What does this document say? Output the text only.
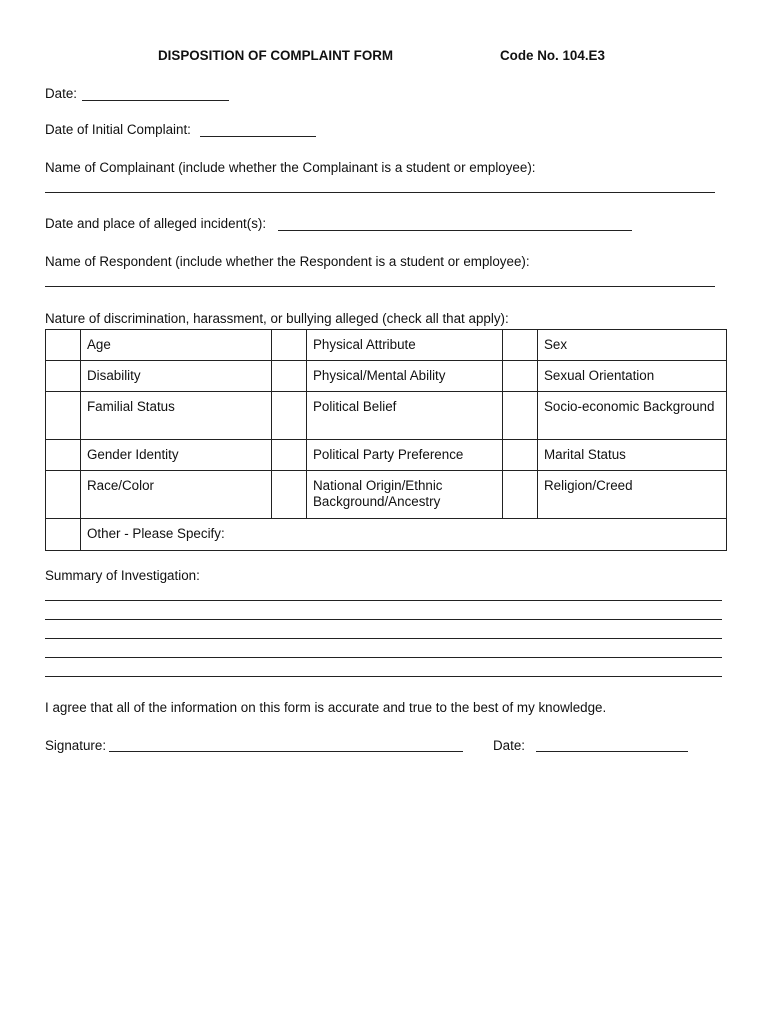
DISPOSITION OF COMPLAINT FORM	Code No. 104.E3
Date:
Date of Initial Complaint:
Name of Complainant (include whether the Complainant is a student or employee):
Date and place of alleged incident(s):
Name of Respondent (include whether the Respondent is a student or employee):
Nature of discrimination, harassment, or bullying alleged (check all that apply):
	Age		Physical Attribute		Sex
	Disability		Physical/Mental Ability		Sexual Orientation
	Familial Status		Political Belief		Socio-economic Background
	Gender Identity		Political Party Preference		Marital Status
	Race/Color		National Origin/Ethnic Background/Ancestry		Religion/Creed
	Other - Please Specify:				
Summary of Investigation:
I agree that all of the information on this form is accurate and true to the best of my knowledge.
Signature:	Date:
